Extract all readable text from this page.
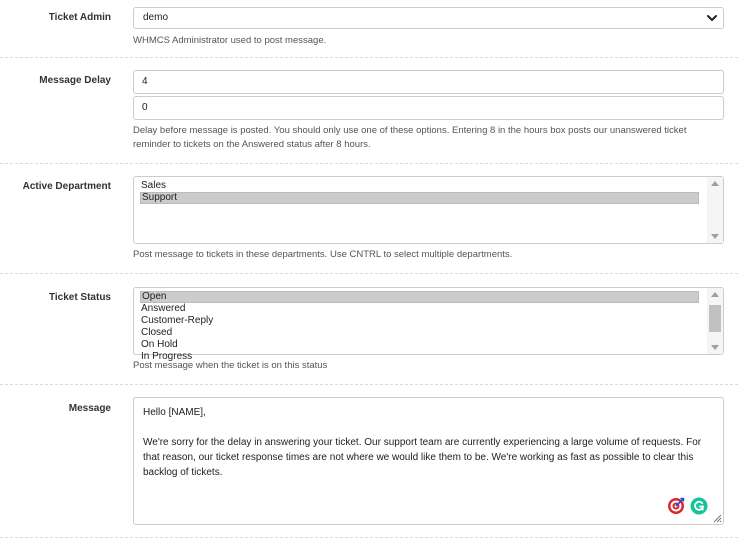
Ticket Admin	demo
WHMCS Administrator used to post message.
Message Delay	4
0
Delay before message is posted. You should only use one of these options. Entering 8 in the hours box posts our unanswered ticket reminder to tickets on the Answered status after 8 hours.
Active Department	Sales
Support
Post message to tickets in these departments. Use CNTRL to select multiple departments.
Ticket Status	Open
Answered
Customer-Reply
Closed
On Hold
In Progress
Post message when the ticket is on this status
Message	Hello [NAME],

We're sorry for the delay in answering your ticket. Our support team are currently experiencing a large volume of requests. For that reason, our ticket response times are not where we would like them to be. We're working as fast as possible to clear this backlog of tickets.
